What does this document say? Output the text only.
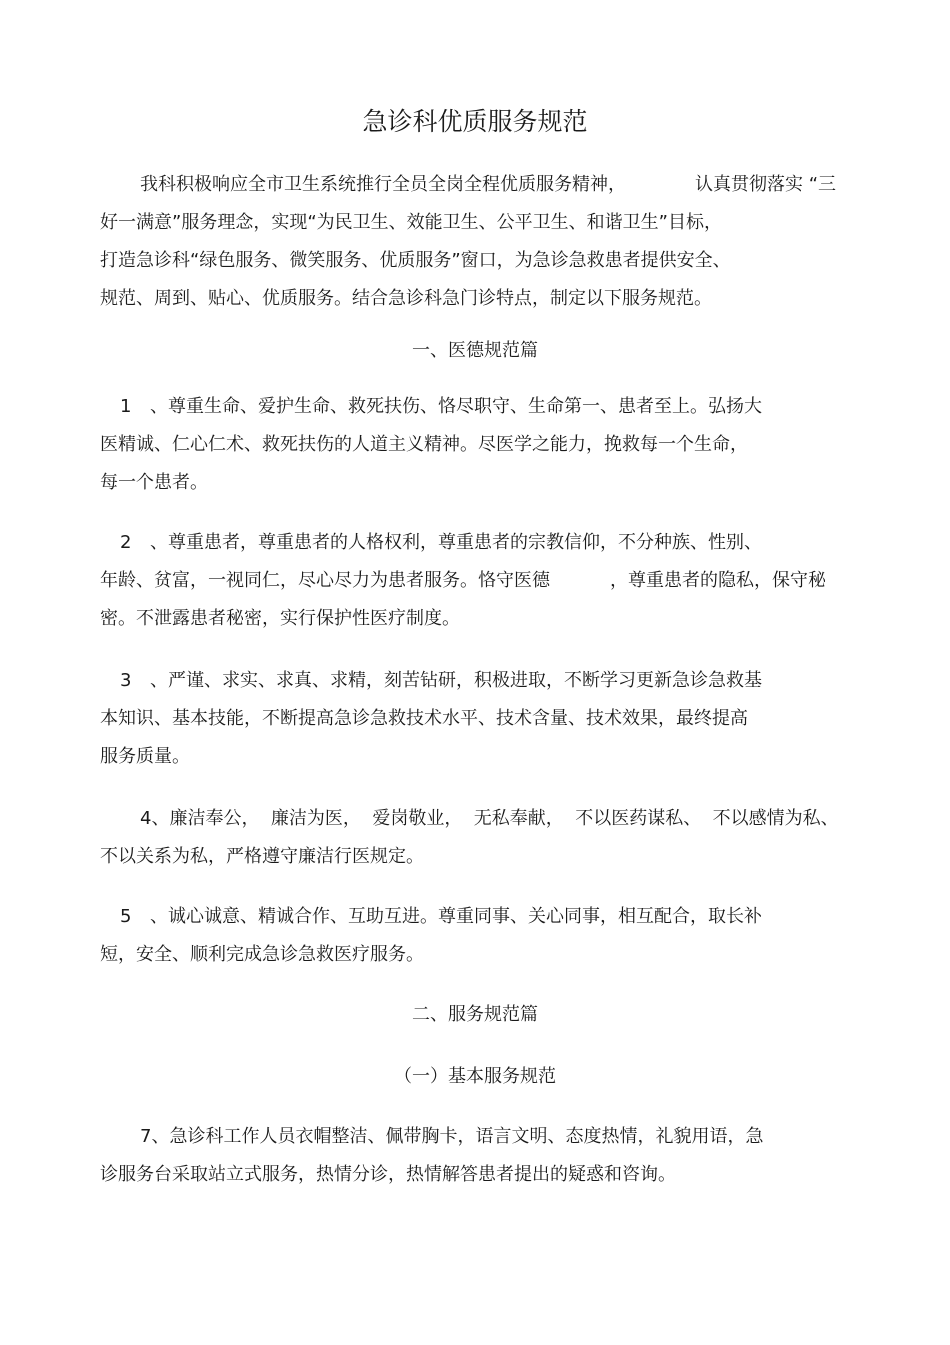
急诊科优质服务规范
我科积极响应全市卫生系统推行全员全岗全程优质服务精神，	认真贯彻落实 “三
好一满意”服务理念，实现“为民卫生、效能卫生、公平卫生、和谐卫生”目标，
打造急诊科“绿色服务、微笑服务、优质服务”窗口，为急诊急救患者提供安全、
规范、周到、贴心、优质服务。结合急诊科急门诊特点，制定以下服务规范。
一、医德规范篇
1 、尊重生命、爱护生命、救死扶伤、恪尽职守、生命第一、患者至上。弘扬大
医精诚、仁心仁术、救死扶伤的人道主义精神。尽医学之能力，挽救每一个生命，
每一个患者。
2 、尊重患者，尊重患者的人格权利，尊重患者的宗教信仰，不分种族、性别、
年龄、贫富，一视同仁，尽心尽力为患者服务。恪守医德	，尊重患者的隐私，保守秘
密。不泄露患者秘密，实行保护性医疗制度。
3 、严谨、求实、求真、求精，刻苦钻研，积极进取，不断学习更新急诊急救基
本知识、基本技能，不断提高急诊急救技术水平、技术含量、技术效果，最终提高
服务质量。
4、廉洁奉公，  廉洁为医，  爱岗敬业，  无私奉献，  不以医药谋私、  不以感情为私、
不以关系为私，严格遵守廉洁行医规定。
5 、诚心诚意、精诚合作、互助互进。尊重同事、关心同事，相互配合，取长补
短，安全、顺利完成急诊急救医疗服务。
二、服务规范篇
（一）基本服务规范
7、急诊科工作人员衣帽整洁、佩带胸卡，语言文明、态度热情，礼貌用语，急
诊服务台采取站立式服务，热情分诊，热情解答患者提出的疑惑和咨询。
